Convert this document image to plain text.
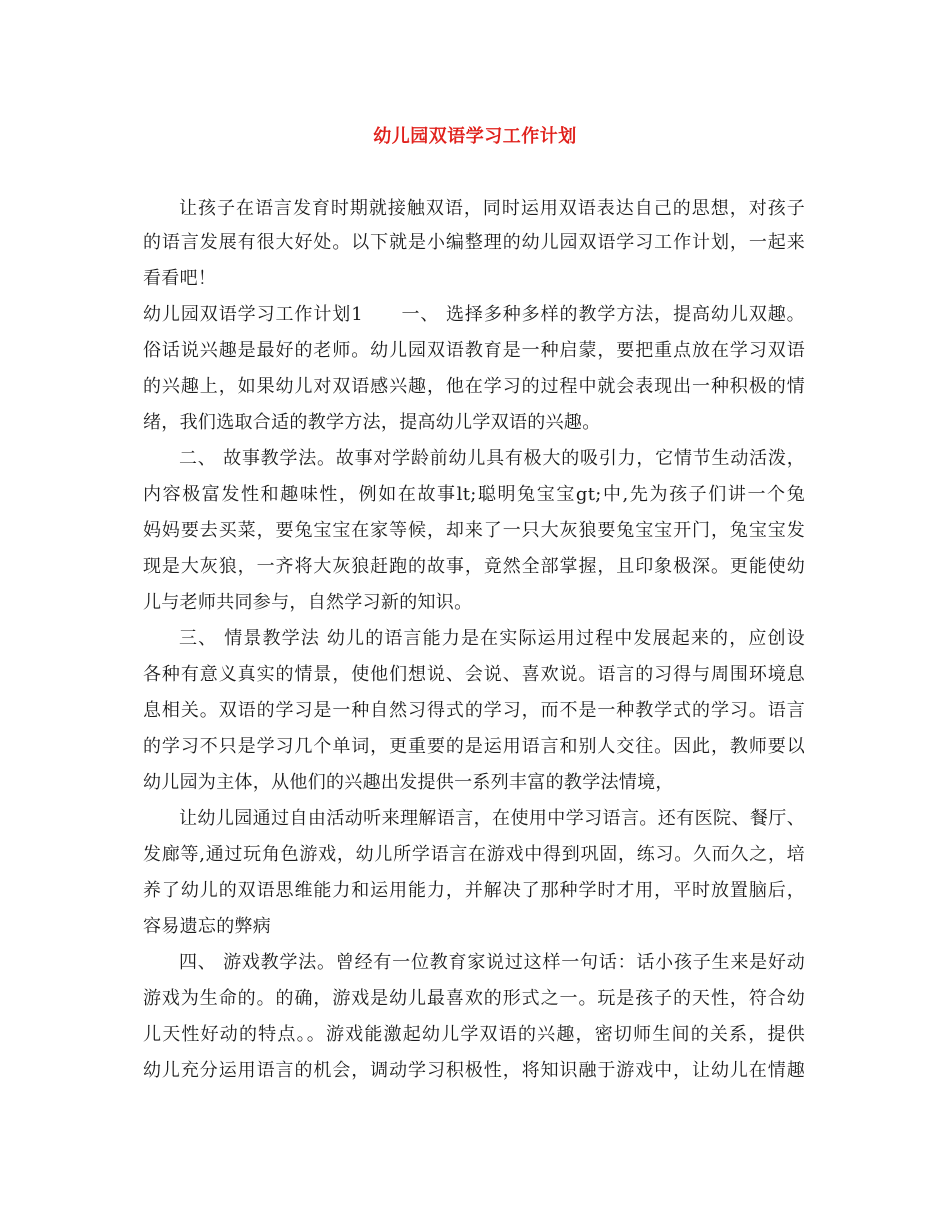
幼儿园双语学习工作计划
让孩子在语言发育时期就接触双语，同时运用双语表达自己的思想，对孩子
的语言发展有很大好处。以下就是小编整理的幼儿园双语学习工作计划，一起来
看看吧！
幼儿园双语学习工作计划1　　一、 选择多种多样的教学方法，提高幼儿双趣。
俗话说兴趣是最好的老师。幼儿园双语教育是一种启蒙，要把重点放在学习双语
的兴趣上，如果幼儿对双语感兴趣，他在学习的过程中就会表现出一种积极的情
绪，我们选取合适的教学方法，提高幼儿学双语的兴趣。
二、 故事教学法。故事对学龄前幼儿具有极大的吸引力，它情节生动活泼，
内容极富发性和趣味性，例如在故事lt;聪明兔宝宝gt;中,先为孩子们讲一个兔
妈妈要去买菜，要兔宝宝在家等候，却来了一只大灰狼要兔宝宝开门，兔宝宝发
现是大灰狼，一齐将大灰狼赶跑的故事，竟然全部掌握，且印象极深。更能使幼
儿与老师共同参与，自然学习新的知识。
三、 情景教学法 幼儿的语言能力是在实际运用过程中发展起来的，应创设
各种有意义真实的情景，使他们想说、会说、喜欢说。语言的习得与周围环境息
息相关。双语的学习是一种自然习得式的学习，而不是一种教学式的学习。语言
的学习不只是学习几个单词，更重要的是运用语言和别人交往。因此，教师要以
幼儿园为主体，从他们的兴趣出发提供一系列丰富的教学法情境，
让幼儿园通过自由活动听来理解语言，在使用中学习语言。还有医院、餐厅、
发廊等,通过玩角色游戏，幼儿所学语言在游戏中得到巩固，练习。久而久之，培
养了幼儿的双语思维能力和运用能力，并解决了那种学时才用，平时放置脑后，
容易遗忘的弊病
四、 游戏教学法。曾经有一位教育家说过这样一句话：话小孩子生来是好动
游戏为生命的。的确，游戏是幼儿最喜欢的形式之一。玩是孩子的天性，符合幼
儿天性好动的特点。。游戏能激起幼儿学双语的兴趣，密切师生间的关系，提供
幼儿充分运用语言的机会，调动学习积极性，将知识融于游戏中，让幼儿在情趣
